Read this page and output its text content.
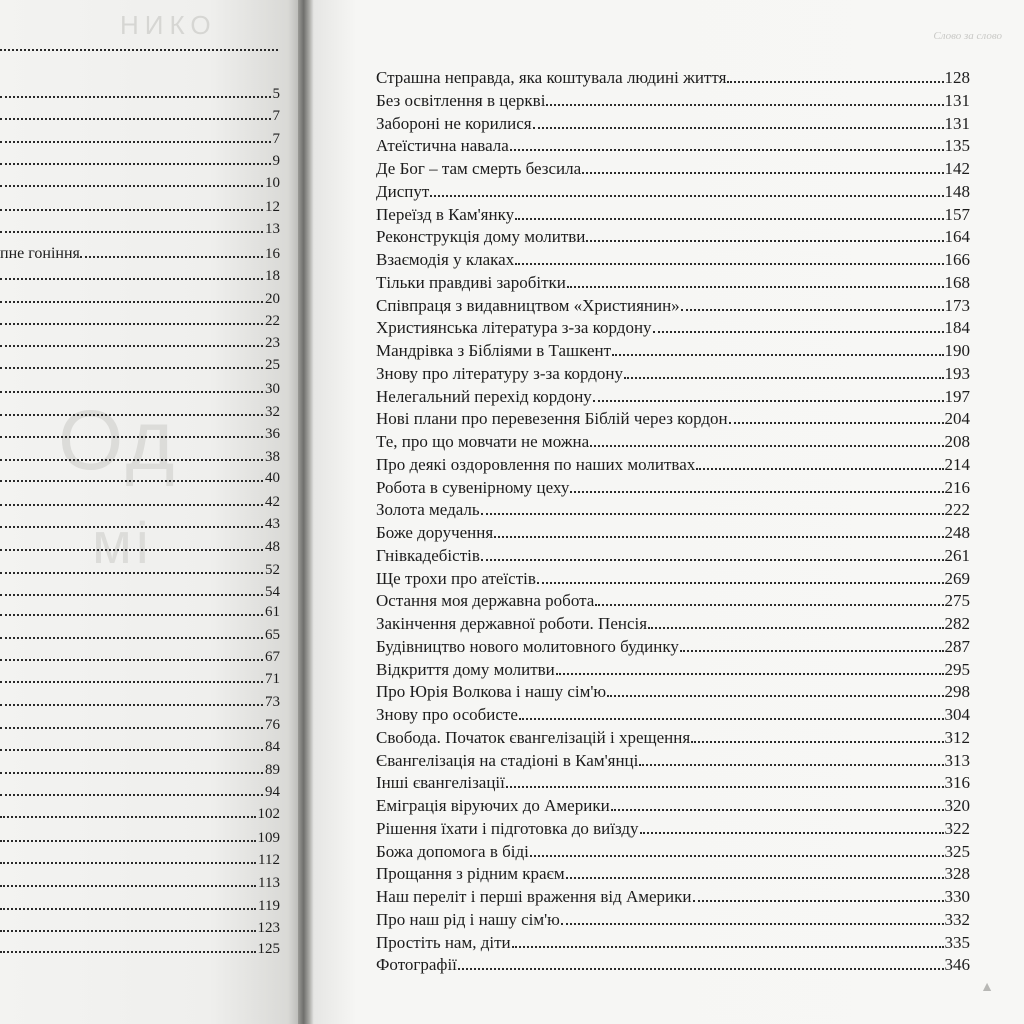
НИКО
Од
мі
5
7
7
9
10
12
13
пне гоніння	16
18
20
22
23
25
30
32
36
38
40
42
43
48
52
54
61
65
67
71
73
76
84
89
94
102
109
112
113
119
123
125
Слово за слово
Страшна неправда, яка коштувала людині життя	128
Без освітлення в церкві	131
Забороні не корилися	131
Атеїстична навала	135
Де Бог – там смерть безсила	142
Диспут	148
Переїзд в Кам'янку	157
Реконструкція дому молитви	164
Взаємодія у клаках	166
Тільки правдиві заробітки	168
Співпраця з видавництвом «Християнин»	173
Християнська література з-за кордону	184
Мандрівка з Бібліями в Ташкент	190
Знову про літературу з-за кордону	193
Нелегальний перехід кордону	197
Нові плани про перевезення Біблій через кордон	204
Те, про що мовчати не можна	208
Про деякі оздоровлення по наших молитвах	214
Робота в сувенірному цеху	216
Золота медаль	222
Боже доручення	248
Гнівкадебістів	261
Ще трохи про атеїстів	269
Остання моя державна робота	275
Закінчення державної роботи. Пенсія	282
Будівництво нового молитовного будинку	287
Відкриття дому молитви	295
Про Юрія Волкова і нашу сім'ю	298
Знову про особисте	304
Свобода. Початок євангелізацій і хрещення	312
Євангелізація на стадіоні в Кам'янці	313
Інші євангелізації	316
Еміграція віруючих до Америки	320
Рішення їхати і підготовка до виїзду	322
Божа допомога в біді	325
Прощання з рідним краєм	328
Наш переліт і перші враження від Америки	330
Про наш рід і нашу сім'ю	332
Простіть нам, діти	335
Фотографії	346
▲
